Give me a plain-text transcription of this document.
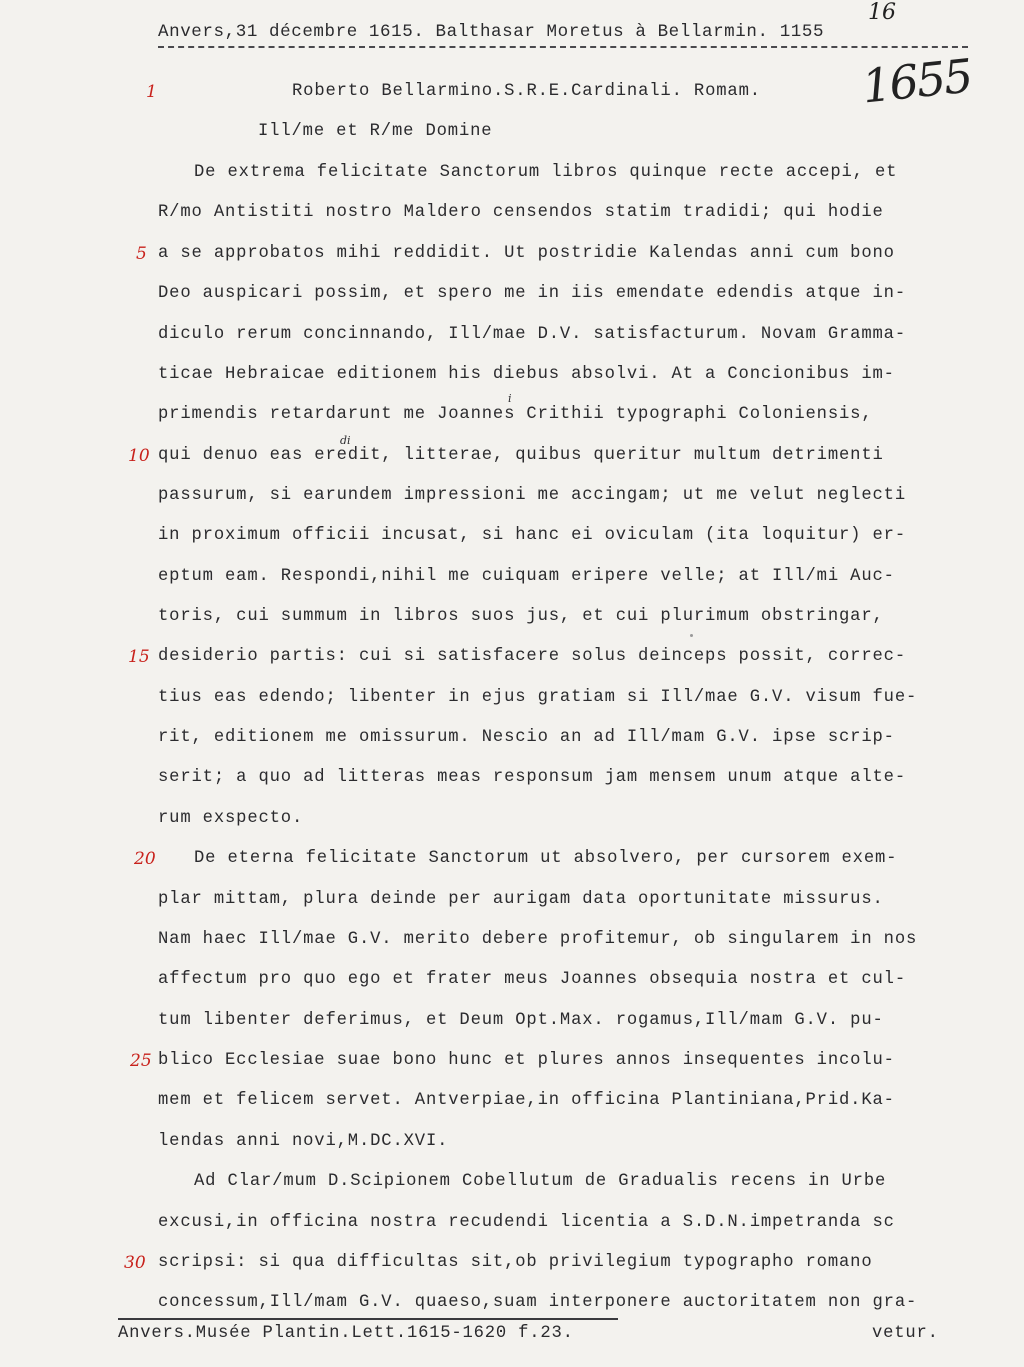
Anvers,31 décembre 1615. Balthasar Moretus à Bellarmin. 1155
16
1	Roberto Bellarmino.S.R.E.Cardinali. Romam. 1655
Ill/me et R/me Domine
De extrema felicitate Sanctorum libros quinque recte accepi, et
R/mo Antistiti nostro Maldero censendos statim tradidi; qui hodie
5 a se approbatos mihi reddidit. Ut postridie Kalendas anni cum bono
Deo auspicari possim, et spero me in iis emendate edendis atque in-
diculo rerum concinnando, Ill/mae D.V. satisfacturum. Novam Gramma-
ticae Hebraicae editionem his diebus absolvi. At a Concionibus im-
i
primendis retardarunt me Joannes Crithii typographi Coloniensis,
di
10 qui denuo eas eredit, litterae, quibus queritur multum detrimenti
passurum, si earundem impressioni me accingam; ut me velut neglecti
in proximum officii incusat, si hanc ei oviculam (ita loquitur) er-
eptum eam. Respondi,nihil me cuiquam eripere velle; at Ill/mi Auc-
toris, cui summum in libros suos jus, et cui plurimum obstringar,
15 desiderio partis: cui si satisfacere solus deinceps possit, correc-
tius eas edendo; libenter in ejus gratiam si Ill/mae G.V. visum fue-
rit, editionem me omissurum. Nescio an ad Ill/mam G.V. ipse scrip-
serit; a quo ad litteras meas responsum jam mensem unum atque alte-
rum exspecto.
20 De eterna felicitate Sanctorum ut absolvero, per cursorem exem-
plar mittam, plura deinde per aurigam data oportunitate missurus.
Nam haec Ill/mae G.V. merito debere profitemur, ob singularem in nos
affectum pro quo ego et frater meus Joannes obsequia nostra et cul-
tum libenter deferimus, et Deum Opt.Max. rogamus,Ill/mam G.V. pu-
25 blico Ecclesiae suae bono hunc et plures annos insequentes incolu-
mem et felicem servet. Antverpiae,in officina Plantiniana,Prid.Ka-
lendas anni novi,M.DC.XVI.
Ad Clar/mum D.Scipionem Cobellutum de Gradualis recens in Urbe
excusi,in officina nostra recudendi licentia a S.D.N.impetranda sc
30 scripsi: si qua difficultas sit,ob privilegium typographo romano
concessum,Ill/mam G.V. quaeso,suam interponere auctoritatem non gra-
Anvers.Musée Plantin.Lett.1615-1620 f.23.	vetur.
